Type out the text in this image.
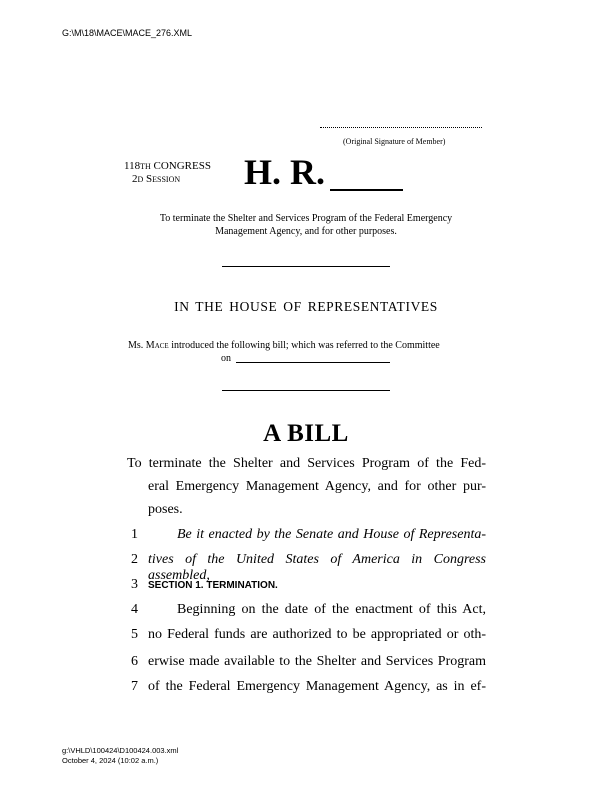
G:\M\18\MACE\MACE_276.XML
(Original Signature of Member)
118TH CONGRESS
2D Session H. R.
To terminate the Shelter and Services Program of the Federal Emergency
Management Agency, and for other purposes.
IN THE HOUSE OF REPRESENTATIVES
Ms. Mace introduced the following bill; which was referred to the Committee
on
A BILL
To terminate the Shelter and Services Program of the Fed-
eral Emergency Management Agency, and for other pur-
poses.
1	Be it enacted by the Senate and House of Representa-
2 tives of the United States of America in Congress assembled,
3 SECTION 1. TERMINATION.
4	Beginning on the date of the enactment of this Act,
5 no Federal funds are authorized to be appropriated or oth-
6 erwise made available to the Shelter and Services Program
7 of the Federal Emergency Management Agency, as in ef-
g:\VHLD\100424\D100424.003.xml
October 4, 2024 (10:02 a.m.)
